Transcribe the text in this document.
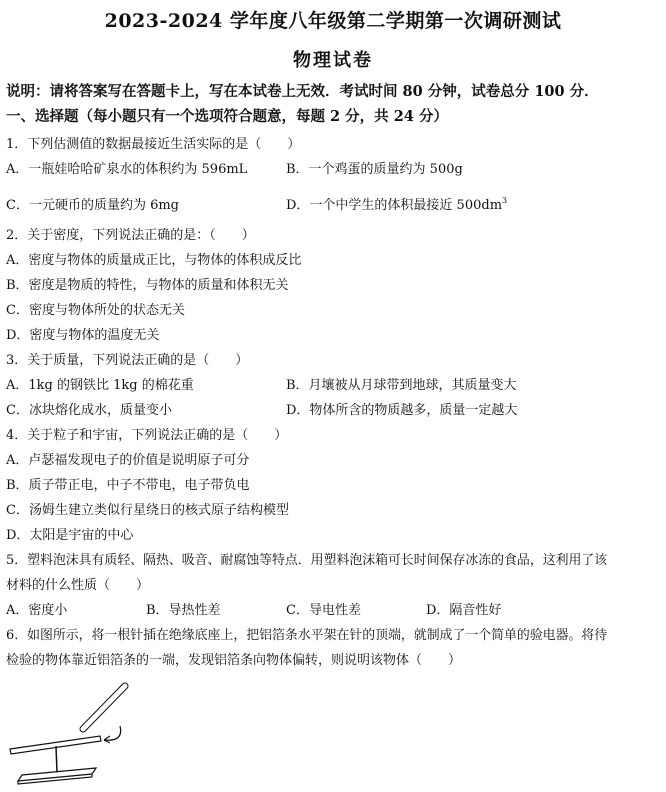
2023-2024 学年度八年级第二学期第一次调研测试
物理试卷
说明：请将答案写在答题卡上，写在本试卷上无效．考试时间 80 分钟，试卷总分 100 分．
一、选择题（每小题只有一个选项符合题意，每题 2 分，共 24 分）
1．下列估测值的数据最接近生活实际的是（　　）
A．一瓶娃哈哈矿泉水的体积约为 596mL	B．一个鸡蛋的质量约为 500g
C．一元硬币的质量约为 6mg	D．一个中学生的体积最接近 $500dm^3$
2．关于密度，下列说法正确的是：（　　）
A．密度与物体的质量成正比，与物体的体积成反比
B．密度是物质的特性，与物体的质量和体积无关
C．密度与物体所处的状态无关
D．密度与物体的温度无关
3．关于质量，下列说法正确的是（　　）
A．1kg 的钢铁比 1kg 的棉花重	B．月壤被从月球带到地球，其质量变大
C．冰块熔化成水，质量变小	D．物体所含的物质越多，质量一定越大
4．关于粒子和宇宙，下列说法正确的是（　　）
A．卢瑟福发现电子的价值是说明原子可分
B．质子带正电，中子不带电，电子带负电
C．汤姆生建立类似行星绕日的核式原子结构模型
D．太阳是宇宙的中心
5．塑料泡沫具有质轻、隔热、吸音、耐腐蚀等特点．用塑料泡沫箱可长时间保存冰冻的食品，这利用了该
材料的什么性质（　　）
A．密度小	B．导热性差	C．导电性差	D．隔音性好
6．如图所示，将一根针插在绝缘底座上，把铝箔条水平架在针的顶端，就制成了一个简单的验电器。将待
检验的物体靠近铝箔条的一端，发现铝箔条向物体偏转，则说明该物体（　　）
